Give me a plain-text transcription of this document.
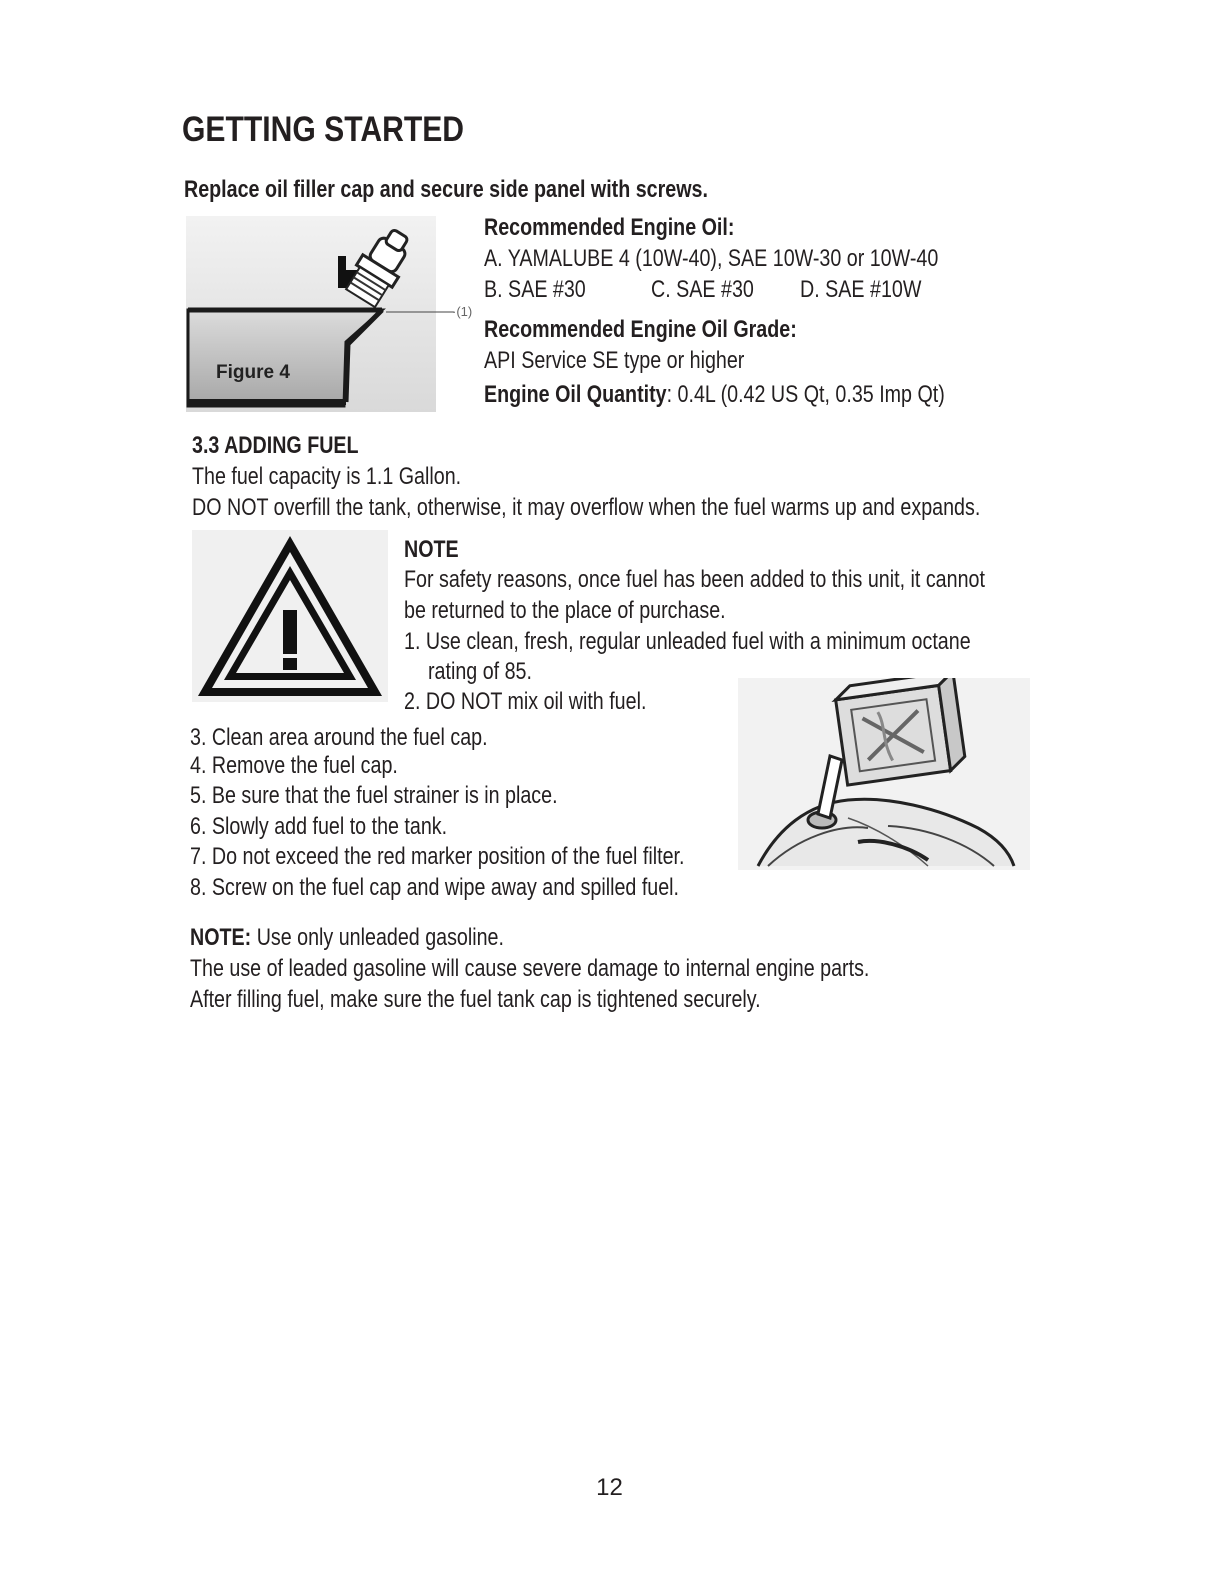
GETTING STARTED
Replace oil filler cap and secure side panel with screws.
·(1)
Figure 4
Recommended Engine Oil:
A. YAMALUBE 4 (10W-40), SAE 10W-30 or 10W-40
B. SAE #30	C. SAE #30 D. SAE #10W
Recommended Engine Oil Grade:
API Service SE type or higher
Engine Oil Quantity: 0.4L (0.42 US Qt, 0.35 Imp Qt)
3.3 ADDING FUEL
The fuel capacity is 1.1 Gallon.
DO NOT overfill the tank, otherwise, it may overflow when the fuel warms up and expands.
NOTE
For safety reasons, once fuel has been added to this unit, it cannot
be returned to the place of purchase.
1. Use clean, fresh, regular unleaded fuel with a minimum octane
rating of 85.
2. DO NOT mix oil with fuel.
3. Clean area around the fuel cap.
4. Remove the fuel cap.
5. Be sure that the fuel strainer is in place.
6. Slowly add fuel to the tank.
7. Do not exceed the red marker position of the fuel filter.
8. Screw on the fuel cap and wipe away and spilled fuel.
NOTE: Use only unleaded gasoline.
The use of leaded gasoline will cause severe damage to internal engine parts.
After filling fuel, make sure the fuel tank cap is tightened securely.
12
